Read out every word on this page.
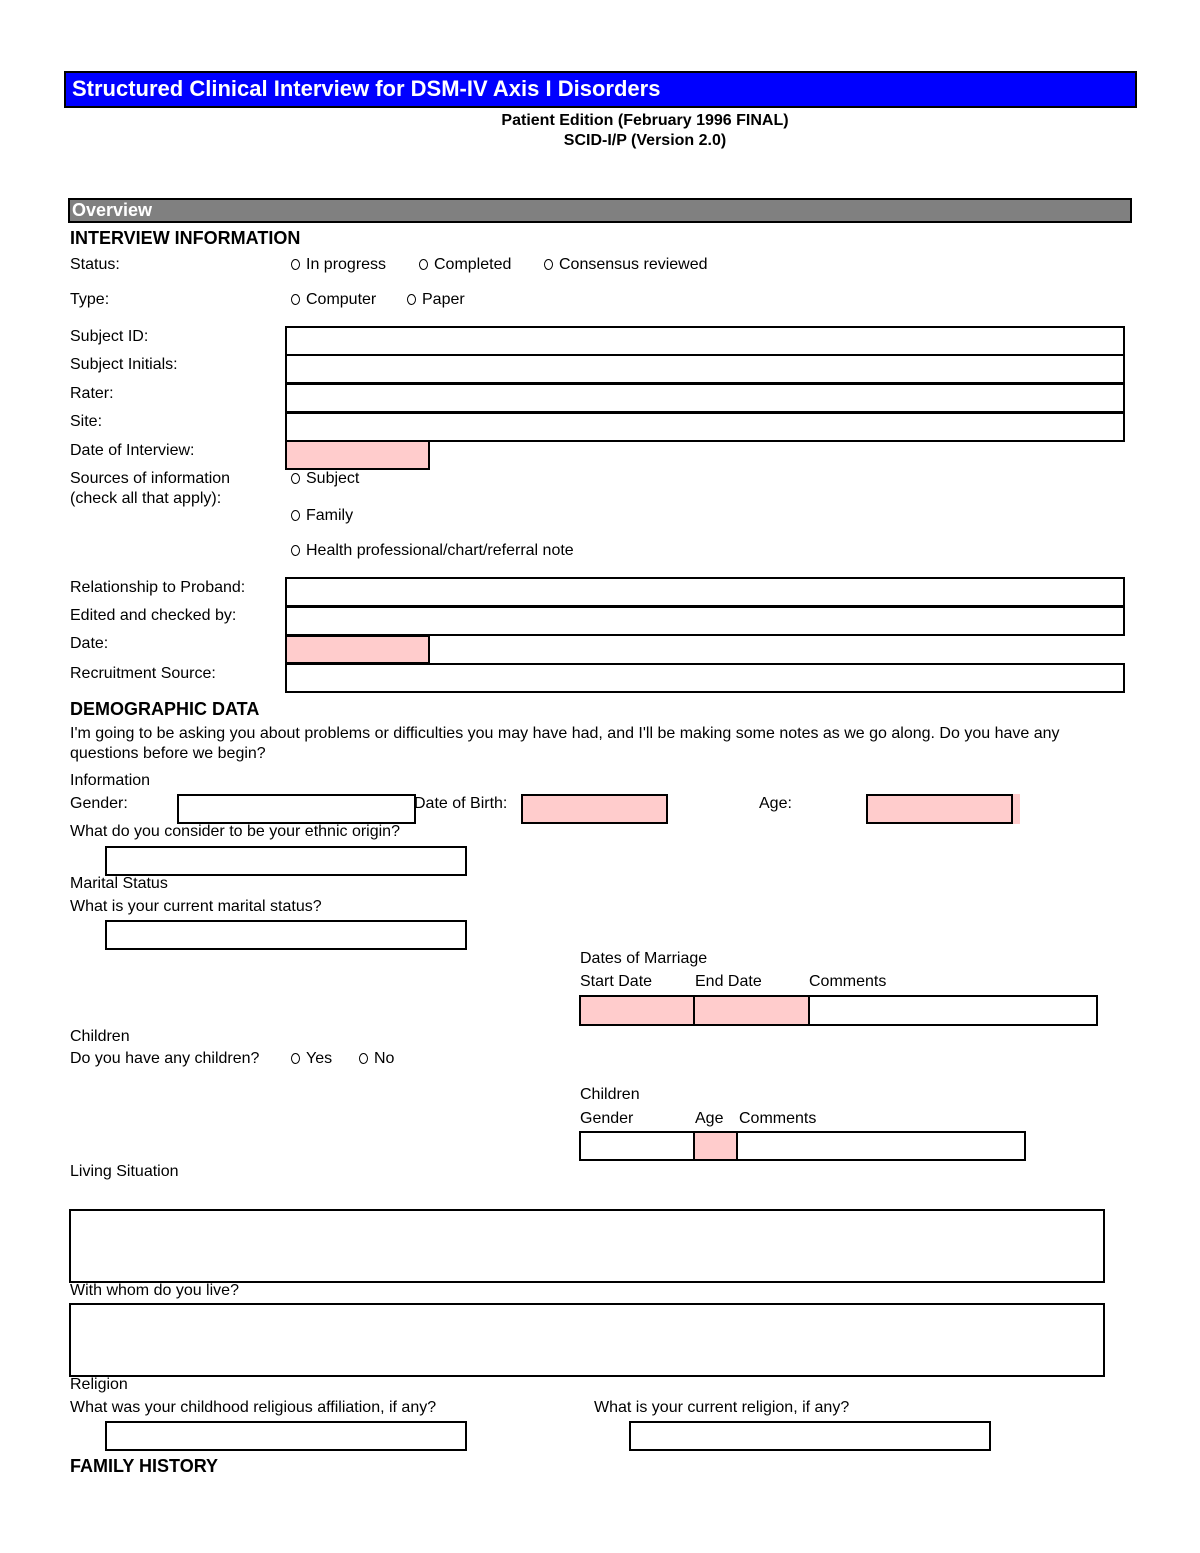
Structured Clinical Interview for DSM-IV Axis I Disorders
Patient Edition (February 1996 FINAL)
SCID-I/P (Version 2.0)
Overview
INTERVIEW INFORMATION
Status:	In progress	Completed	Consensus reviewed
Type:	Computer	Paper
Subject ID:
Subject Initials:
Rater:
Site:
Date of Interview:
Sources of information
(check all that apply):
Subject
Family
Health professional/chart/referral note
Relationship to Proband:
Edited and checked by:
Date:
Recruitment Source:
DEMOGRAPHIC DATA
I'm going to be asking you about problems or difficulties you may have had, and I'll be making some notes as we go along. Do you have any questions before we begin?
Information
Gender:	Date of Birth:	Age:
What do you consider to be your ethnic origin?
Marital Status
What is your current marital status?
Dates of Marriage
Start Date	End Date	Comments
Children
Do you have any children?	Yes	No
Children
Gender	Age Comments
Living Situation
With whom do you live?
Religion
What was your childhood religious affiliation, if any?	What is your current religion, if any?
FAMILY HISTORY
